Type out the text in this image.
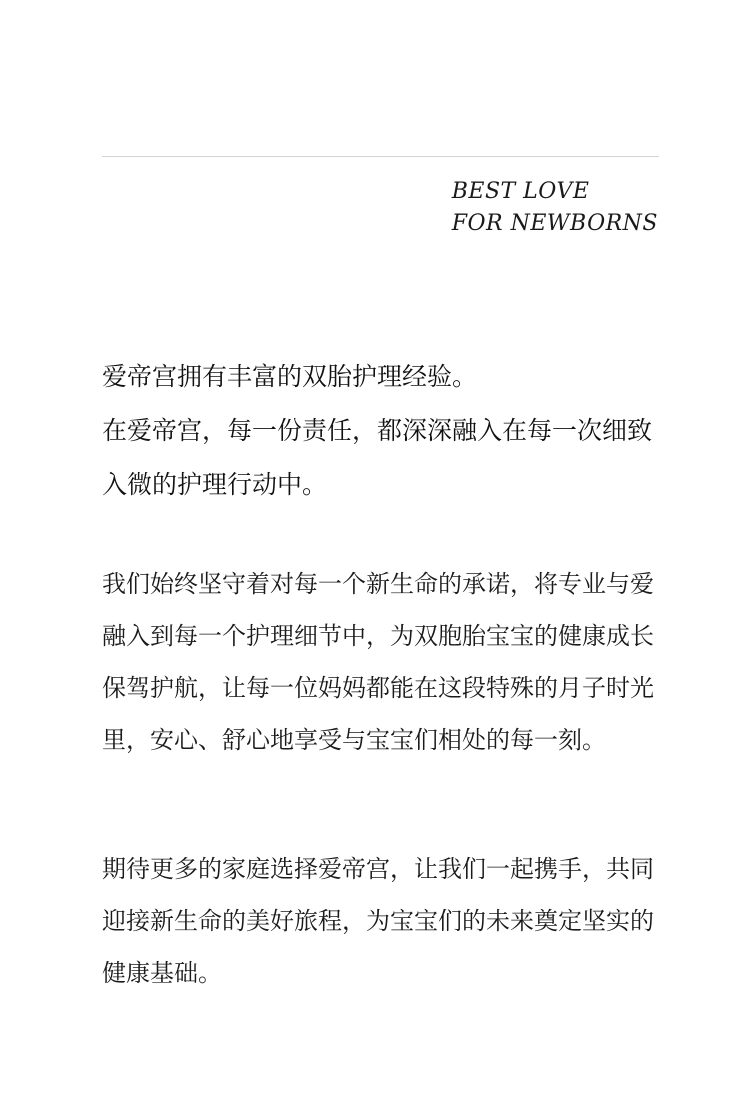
BEST LOVE
FOR NEWBORNS

爱帝宫拥有丰富的双胎护理经验。

在爱帝宫，每一份责任，都深深融入在每一次细致入微的护理行动中。

我们始终坚守着对每一个新生命的承诺，将专业与爱融入到每一个护理细节中，为双胞胎宝宝的健康成长保驾护航，让每一位妈妈都能在这段特殊的月子时光里，安心、舒心地享受与宝宝们相处的每一刻。

期待更多的家庭选择爱帝宫，让我们一起携手，共同迎接新生命的美好旅程，为宝宝们的未来奠定坚实的健康基础。
